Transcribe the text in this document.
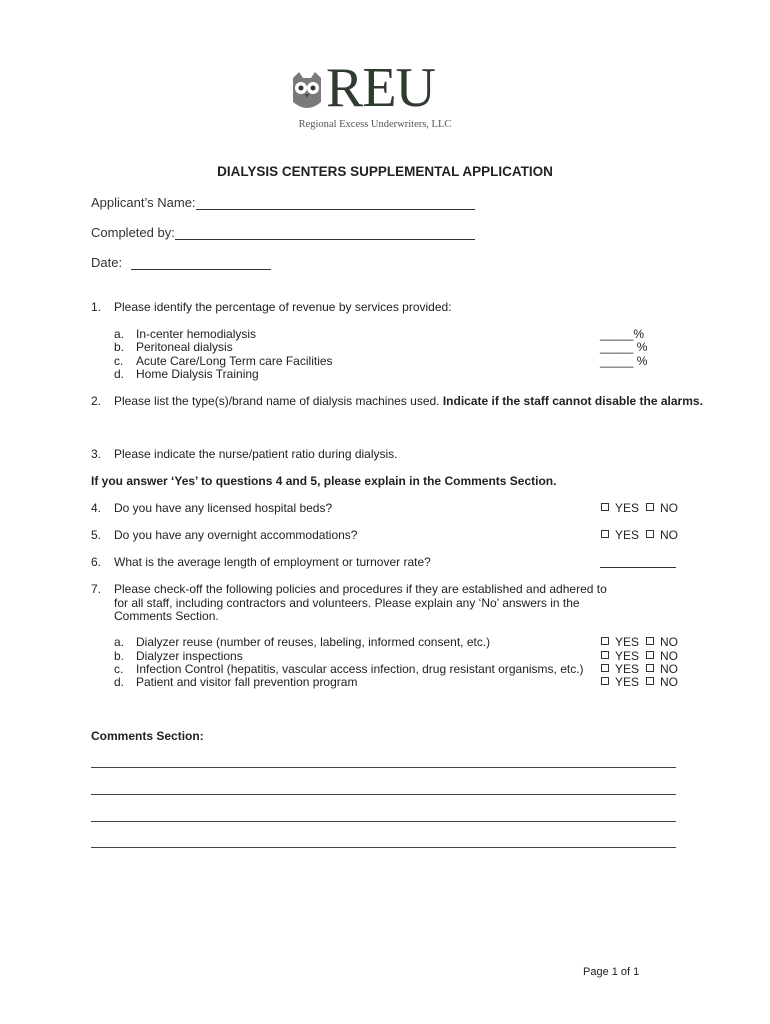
REU
Regional Excess Underwriters, LLC
DIALYSIS CENTERS SUPPLEMENTAL APPLICATION
Applicant’s Name:
Completed by:
Date:
1. Please identify the percentage of revenue by services provided:
a. In-center hemodialysis	_____%
b. Peritoneal dialysis	_____ %
c. Acute Care/Long Term care Facilities	_____ %
d. Home Dialysis Training
2. Please list the type(s)/brand name of dialysis machines used. Indicate if the staff cannot disable the alarms.
3. Please indicate the nurse/patient ratio during dialysis.
If you answer ‘Yes’ to questions 4 and 5, please explain in the Comments Section.
4. Do you have any licensed hospital beds?	YES	NO
5. Do you have any overnight accommodations?	YES	NO
6. What is the average length of employment or turnover rate?
7. Please check-off the following policies and procedures if they are established and adhered to
for all staff, including contractors and volunteers. Please explain any ‘No’ answers in the
Comments Section.
a. Dialyzer reuse (number of reuses, labeling, informed consent, etc.)	YES	NO
b. Dialyzer inspections	YES	NO
c. Infection Control (hepatitis, vascular access infection, drug resistant organisms, etc.)	YES	NO
d. Patient and visitor fall prevention program	YES	NO
Comments Section:
Page 1 of 1
